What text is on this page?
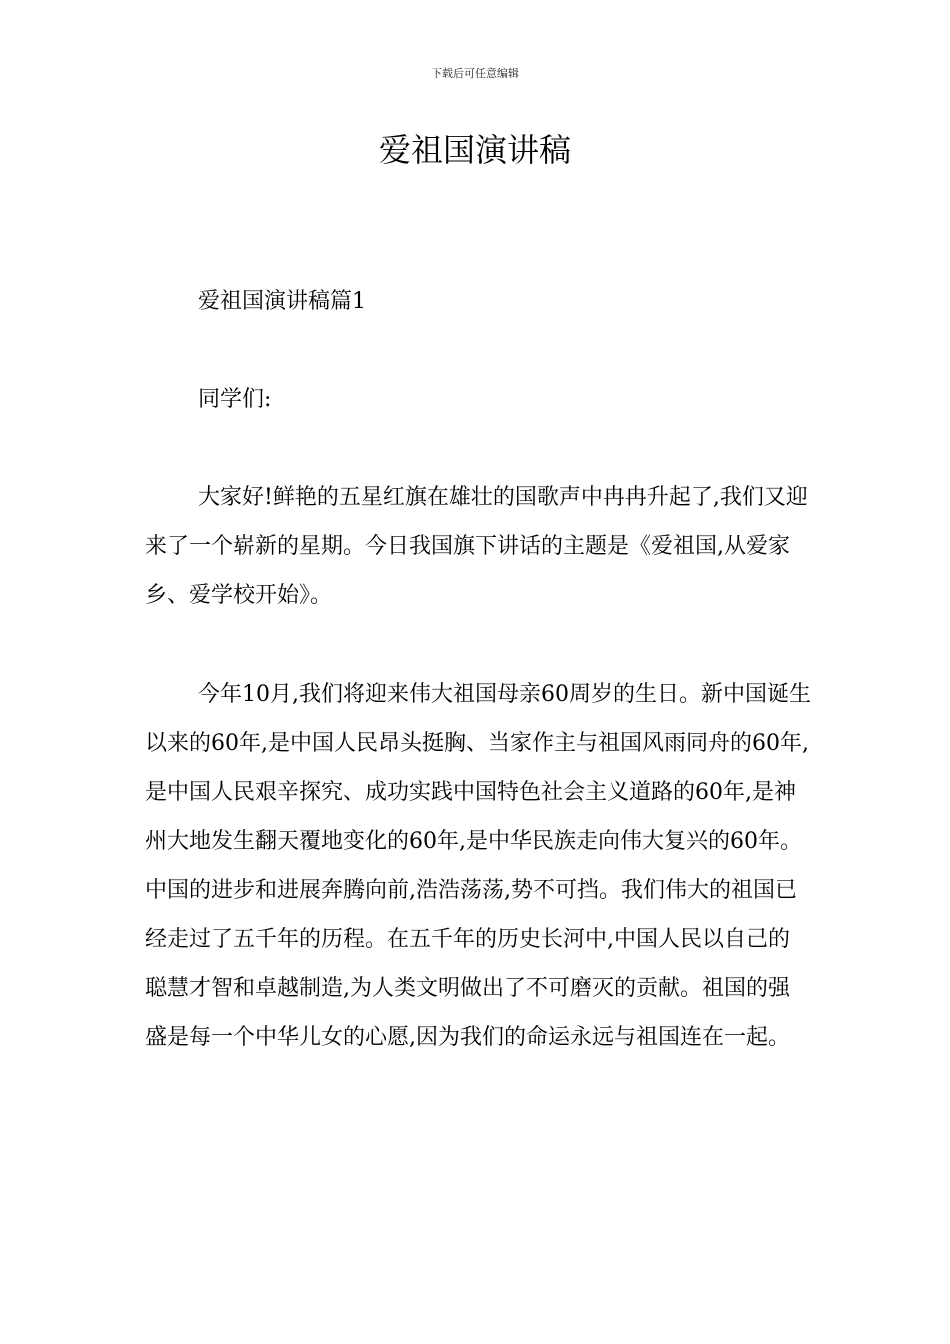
下载后可任意编辑
爱祖国演讲稿

爱祖国演讲稿篇1

同学们:

大家好!鲜艳的五星红旗在雄壮的国歌声中冉冉升起了,我们又迎来了一个崭新的星期。今日我国旗下讲话的主题是《爱祖国,从爱家乡、爱学校开始》。

今年10月,我们将迎来伟大祖国母亲60周岁的生日。新中国诞生以来的60年,是中国人民昂头挺胸、当家作主与祖国风雨同舟的60年,是中国人民艰辛探究、成功实践中国特色社会主义道路的60年,是神州大地发生翻天覆地变化的60年,是中华民族走向伟大复兴的60年。中国的进步和进展奔腾向前,浩浩荡荡,势不可挡。我们伟大的祖国已经走过了五千年的历程。在五千年的历史长河中,中国人民以自己的聪慧才智和卓越制造,为人类文明做出了不可磨灭的贡献。祖国的强盛是每一个中华儿女的心愿,因为我们的命运永远与祖国连在一起。
